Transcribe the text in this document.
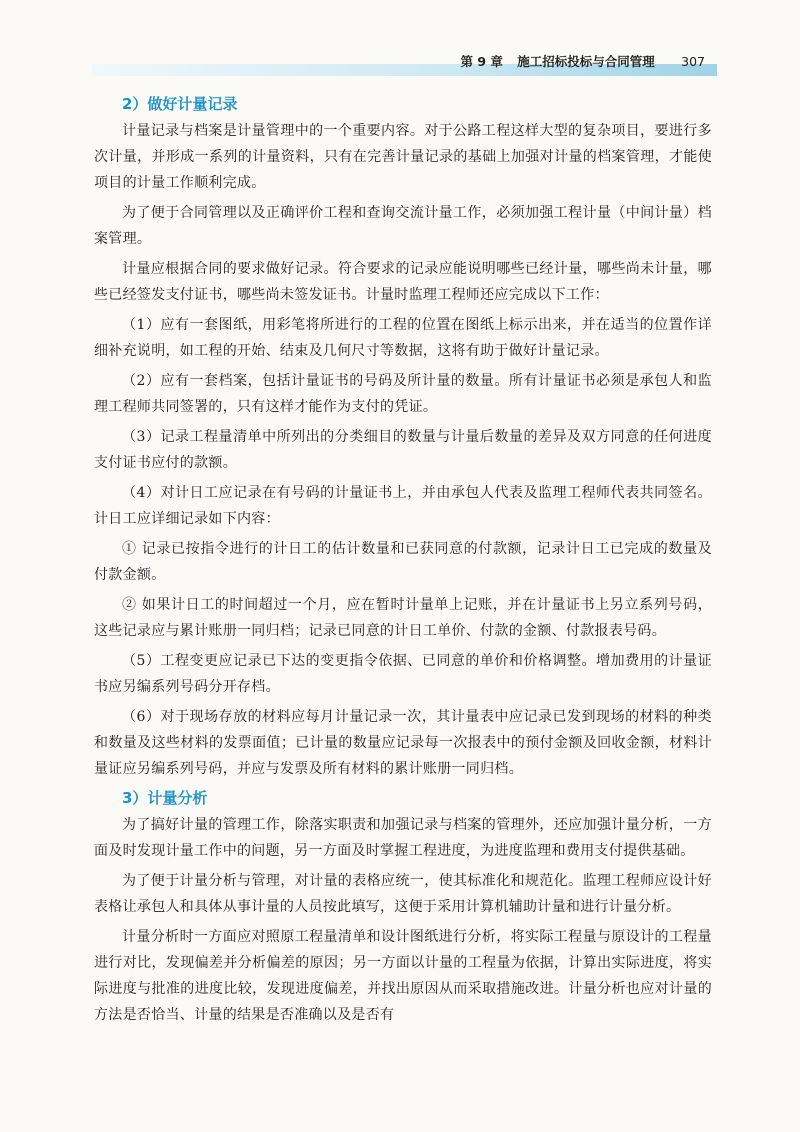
第 9 章 施工招标投标与合同管理 307
2）做好计量记录

计量记录与档案是计量管理中的一个重要内容。对于公路工程这样大型的复杂项目，要进行多次计量，并形成一系列的计量资料，只有在完善计量记录的基础上加强对计量的档案管理，才能使项目的计量工作顺利完成。

为了便于合同管理以及正确评价工程和查询交流计量工作，必须加强工程计量（中间计量）档案管理。

计量应根据合同的要求做好记录。符合要求的记录应能说明哪些已经计量，哪些尚未计量，哪些已经签发支付证书，哪些尚未签发证书。计量时监理工程师还应完成以下工作：

（1）应有一套图纸，用彩笔将所进行的工程的位置在图纸上标示出来，并在适当的位置作详细补充说明，如工程的开始、结束及几何尺寸等数据，这将有助于做好计量记录。

（2）应有一套档案，包括计量证书的号码及所计量的数量。所有计量证书必须是承包人和监理工程师共同签署的，只有这样才能作为支付的凭证。

（3）记录工程量清单中所列出的分类细目的数量与计量后数量的差异及双方同意的任何进度支付证书应付的款额。

（4）对计日工应记录在有号码的计量证书上，并由承包人代表及监理工程师代表共同签名。计日工应详细记录如下内容：

① 记录已按指令进行的计日工的估计数量和已获同意的付款额，记录计日工已完成的数量及付款金额。

② 如果计日工的时间超过一个月，应在暂时计量单上记账，并在计量证书上另立系列号码，这些记录应与累计账册一同归档；记录已同意的计日工单价、付款的金额、付款报表号码。

（5）工程变更应记录已下达的变更指令依据、已同意的单价和价格调整。增加费用的计量证书应另编系列号码分开存档。

（6）对于现场存放的材料应每月计量记录一次，其计量表中应记录已发到现场的材料的种类和数量及这些材料的发票面值；已计量的数量应记录每一次报表中的预付金额及回收金额，材料计量证应另编系列号码，并应与发票及所有材料的累计账册一同归档。

3）计量分析

为了搞好计量的管理工作，除落实职责和加强记录与档案的管理外，还应加强计量分析，一方面及时发现计量工作中的问题，另一方面及时掌握工程进度，为进度监理和费用支付提供基础。

为了便于计量分析与管理，对计量的表格应统一，使其标准化和规范化。监理工程师应设计好表格让承包人和具体从事计量的人员按此填写，这便于采用计算机辅助计量和进行计量分析。

计量分析时一方面应对照原工程量清单和设计图纸进行分析，将实际工程量与原设计的工程量进行对比，发现偏差并分析偏差的原因；另一方面以计量的工程量为依据，计算出实际进度，将实际进度与批准的进度比较，发现进度偏差，并找出原因从而采取措施改进。计量分析也应对计量的方法是否恰当、计量的结果是否准确以及是否有
